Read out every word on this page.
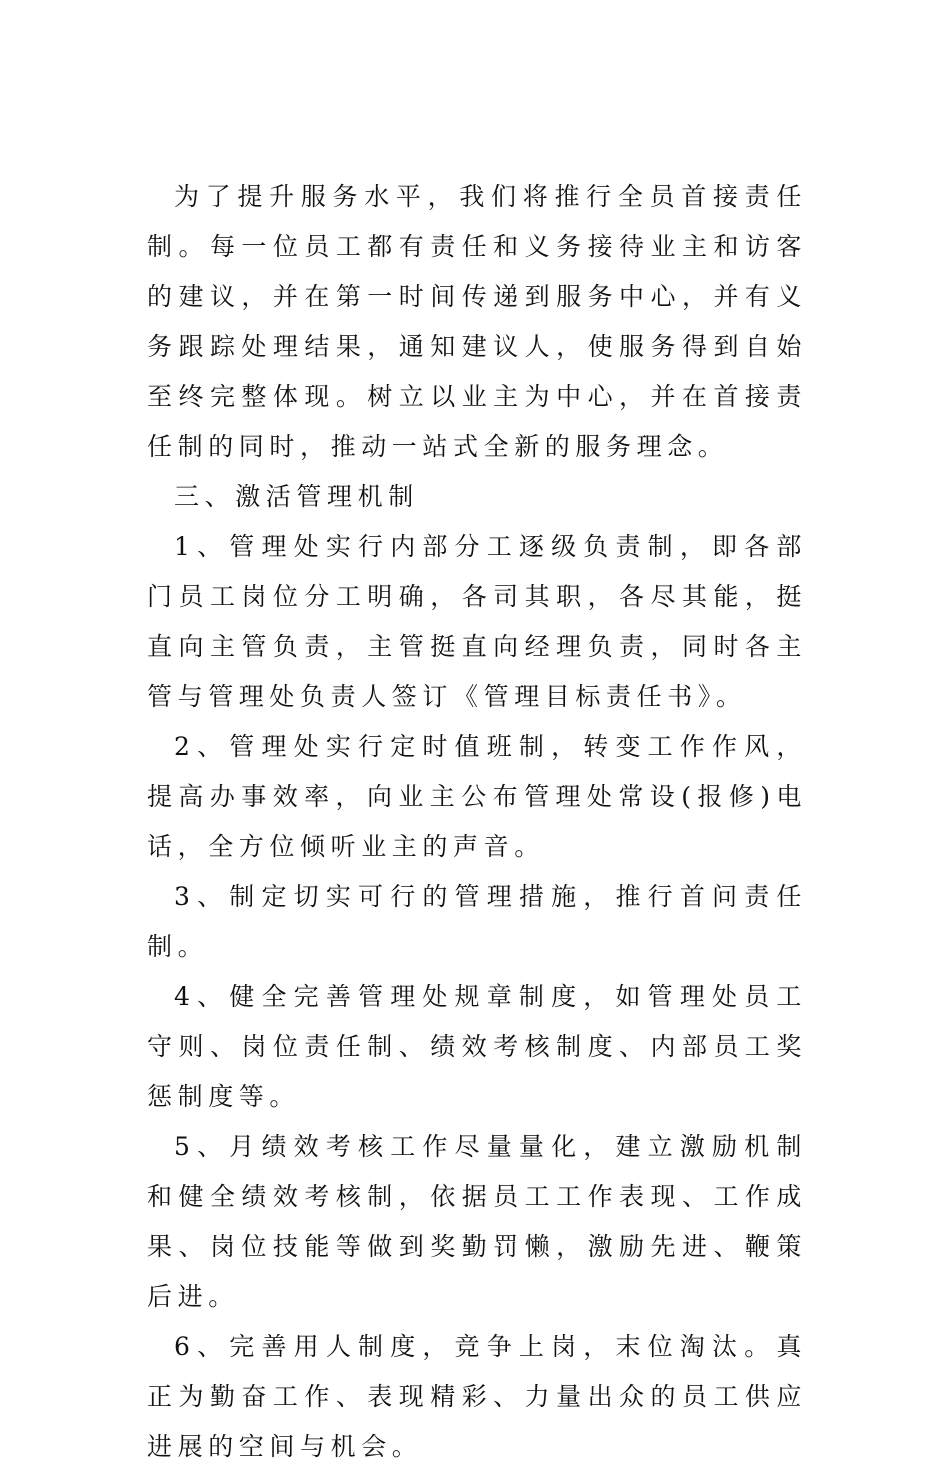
为了提升服务水平，我们将推行全员首接责任制。每一位员工都有责任和义务接待业主和访客的建议，并在第一时间传递到服务中心，并有义务跟踪处理结果，通知建议人，使服务得到自始至终完整体现。树立以业主为中心，并在首接责任制的同时，推动一站式全新的服务理念。

三、激活管理机制

1、管理处实行内部分工逐级负责制，即各部门员工岗位分工明确，各司其职，各尽其能，挺直向主管负责，主管挺直向经理负责，同时各主管与管理处负责人签订《管理目标责任书》。

2、管理处实行定时值班制，转变工作作风，提高办事效率，向业主公布管理处常设(报修)电话，全方位倾听业主的声音。

3、制定切实可行的管理措施，推行首问责任制。

4、健全完善管理处规章制度，如管理处员工守则、岗位责任制、绩效考核制度、内部员工奖惩制度等。

5、月绩效考核工作尽量量化，建立激励机制和健全绩效考核制，依据员工工作表现、工作成果、岗位技能等做到奖勤罚懒，激励先进、鞭策后进。

6、完善用人制度，竞争上岗，末位淘汰。真正为勤奋工作、表现精彩、力量出众的员工供应进展的空间与机会。
